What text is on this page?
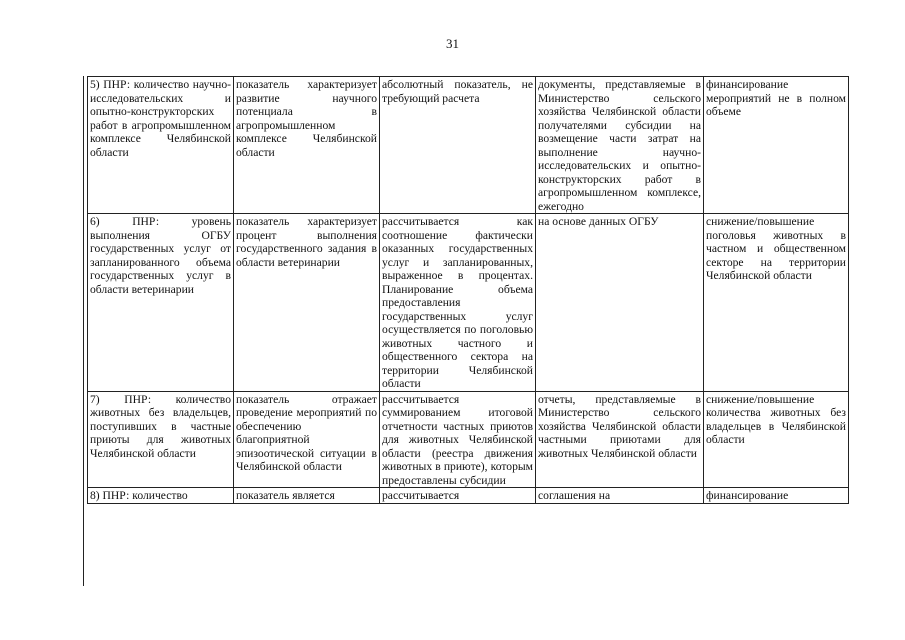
31
5) ПНР: количество научно-исследовательских и опытно-конструкторских работ в агропромышленном комплексе Челябинской области	показатель характеризует развитие научного потенциала в агропромышленном комплексе Челябинской области	абсолютный показатель, не требующий расчета	документы, представляемые в Министерство сельского хозяйства Челябинской области получателями субсидии на возмещение части затрат на выполнение научно-исследовательских и опытно-конструкторских работ в агропромышленном комплексе, ежегодно	финансирование мероприятий не в полном объеме
6) ПНР: уровень выполнения ОГБУ государственных услуг от запланированного объема государственных услуг в области ветеринарии	показатель характеризует процент выполнения государственного задания в области ветеринарии	рассчитывается как соотношение фактически оказанных государственных услуг и запланированных, выраженное в процентах. Планирование объема предоставления государственных услуг осуществляется по поголовью животных частного и общественного сектора на территории Челябинской области	на основе данных ОГБУ	снижение/повышение поголовья животных в частном и общественном секторе на территории Челябинской области
7) ПНР: количество животных без владельцев, поступивших в частные приюты для животных Челябинской области	показатель отражает проведение мероприятий по обеспечению благоприятной эпизоотической ситуации в Челябинской области	рассчитывается суммированием итоговой отчетности частных приютов для животных Челябинской области (реестра движения животных в приюте), которым предоставлены субсидии	отчеты, представляемые в Министерство сельского хозяйства Челябинской области частными приютами для животных Челябинской области	снижение/повышение количества животных без владельцев в Челябинской области
8) ПНР: количество	показатель является	рассчитывается	соглашения на	финансирование
